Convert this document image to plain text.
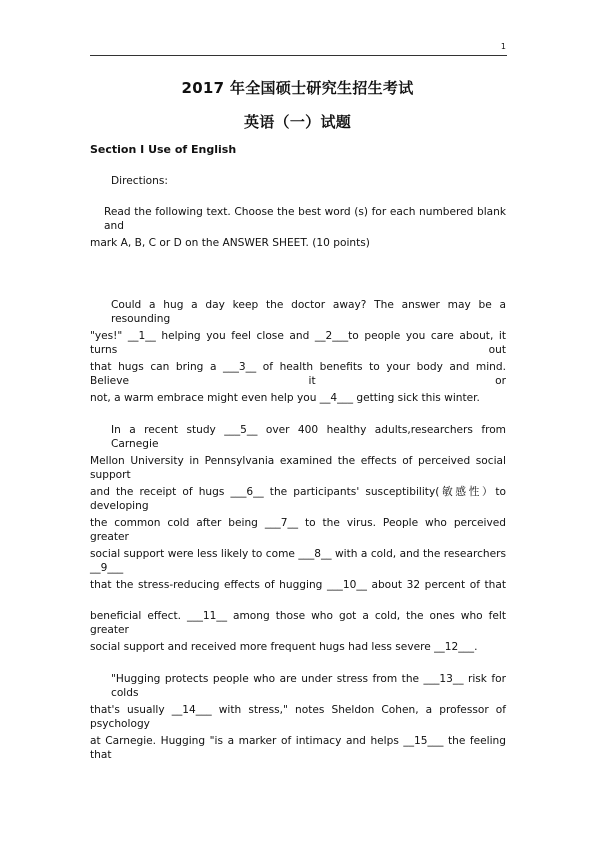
1
2017 年全国硕士研究生招生考试
英语（一）试题
Section I Use of English
Directions:
Read the following text. Choose the best word (s) for each numbered blank and
mark A, B, C or D on the ANSWER SHEET. (10 points)
Could a hug a day keep the doctor away? The answer may be a resounding
"yes!" __1__ helping you feel close and __2___to people you care about, it turns out
that hugs can bring a ___3__ of health benefits to your body and mind. Believe it or
not, a warm embrace might even help you __4___ getting sick this winter.
In a recent study ___5__ over 400 healthy adults,researchers from Carnegie
Mellon University in Pennsylvania examined the effects of perceived social support
and the receipt of hugs ___6__ the participants' susceptibility(敏感性）to developing
the common cold after being ___7__ to the virus. People who perceived greater
social support were less likely to come ___8__ with a cold, and the researchers __9___
that the stress-reducing effects of hugging ___10__ about 32 percent of that
beneficial effect. ___11__ among those who got a cold, the ones who felt greater
social support and received more frequent hugs had less severe __12___.
"Hugging protects people who are under stress from the ___13__ risk for colds
that's usually __14___ with stress," notes Sheldon Cohen, a professor of psychology
at Carnegie. Hugging "is a marker of intimacy and helps __15___ the feeling that
